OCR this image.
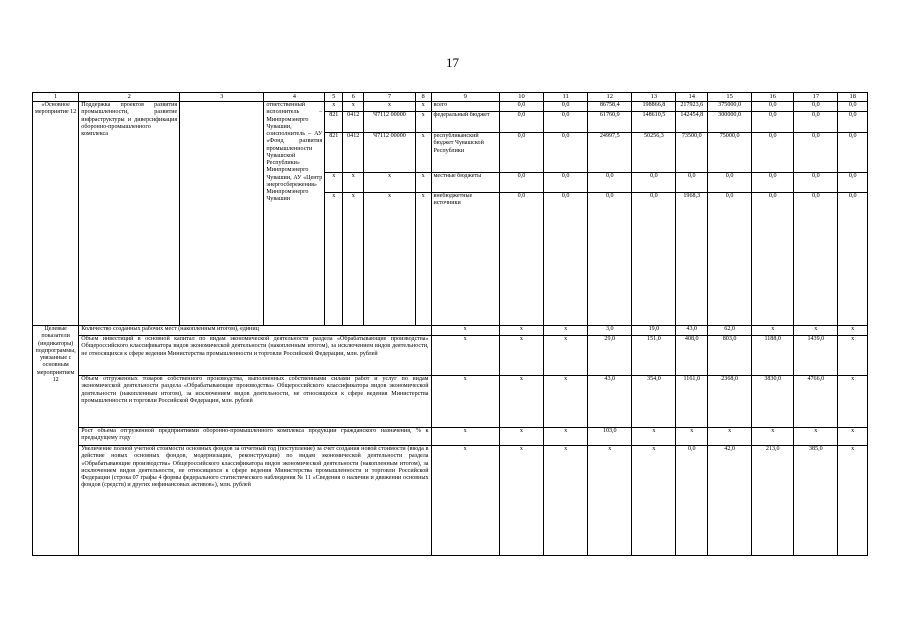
17
1	2	3	4	5	6	7	8	9	10	11	12	13	14	15	16	17	18
«Основное мероприятие 12	Поддержка проектов развития промышленности, развитие инфраструктуры и диверсификация оборонно-промышленного комплекса		ответственный исполнитель – Минпромэнерго Чувашии, соисполнитель – АУ «Фонд развития промышленности Чувашской Республики» Минпромэнерго Чувашии, АУ «Центр энергосбережения» Минпромэнерго Чувашии	x	x	x	x	всего	0,0	0,0	86758,4	198866,8	217923,6	375000,0	0,0	0,0	0,0
				821	0412	Ч7112 00000	x	федеральный бюджет	0,0	0,0	61760,9	148610,5	142454,8	300000,0	0,0	0,0	0,0
				821	0412	Ч7112 00000	x	республиканский бюджет Чувашской Республики	0,0	0,0	24997,5	50256,3	73500,0	75000,0	0,0	0,0	0,0
				x	x	x	x	местные бюджеты	0,0	0,0	0,0	0,0	0,0	0,0	0,0	0,0	0,0
				x	x	x	x	внебюджетные источники	0,0	0,0	0,0	0,0	1968,3	0,0	0,0	0,0	0,0
Целевые показатели (индикаторы) подпрограммы, увязанные с основным мероприятием 12	Количество созданных рабочих мест (накопленным итогом), единиц							x	x	x	3,0	19,0	43,0	62,0	x	x	x
	Объем инвестиций в основной капитал по видам экономической деятельности раздела «Обрабатывающие производства» Общероссийского классификатора видов экономической деятельности (накопленным итогом), за исключением видов деятельности, не относящихся к сфере ведения Министерства промышленности и торговли Российской Федерации, млн. рублей							x	x	x	29,0	151,0	408,0	803,0	1188,0	1439,0	x
	Объем отгруженных товаров собственного производства, выполненных собственными силами работ и услуг по видам экономической деятельности раздела «Обрабатывающие производства» Общероссийского классификатора видов экономической деятельности (накопленным итогом), за исключением видов деятельности, не относящихся к сфере ведения Министерства промышленности и торговли Российской Федерации, млн. рублей							x	x	x	43,0	354,0	1161,0	2368,0	3830,0	4766,0	x
	Рост объема отгруженной предприятиями оборонно-промышленного комплекса продукции гражданского назначения, % к предыдущему году							x	x	x	103,0	x	x	x	x	x	x
	Увеличение полной учетной стоимости основных фондов за отчетный год (поступление) за счет создания новой стоимости (ввода в действие новых основных фондов, модернизации, реконструкции) по видам экономической деятельности раздела «Обрабатывающие производства» Общероссийского классификатора видов экономической деятельности (накопленным итогом), за исключением видов деятельности, не относящихся к сфере ведения Министерства промышленности и торговли Российской Федерации (строка 07 графы 4 формы федерального статистического наблюдения № 11 «Сведения о наличии и движении основных фондов (средств) и других нефинансовых активов»), млн. рублей							x	x	x	x	x	0,0	42,0	213,0	385,0	x
